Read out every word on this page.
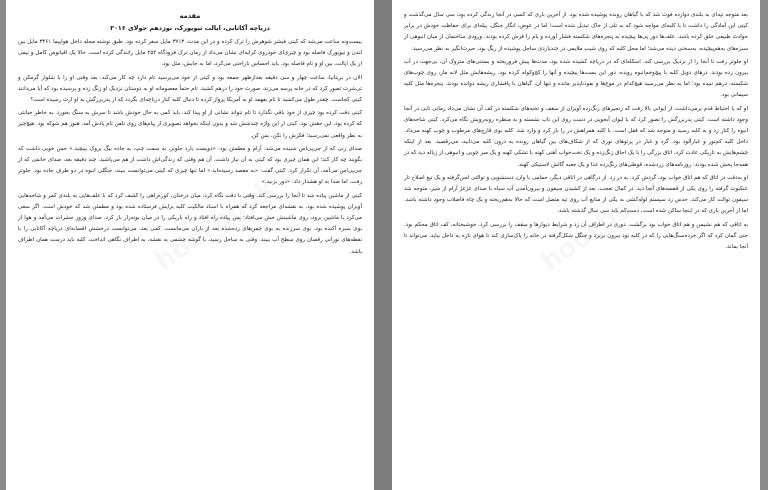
مقدمه
دریاچه آکاتابی، ایالت نیویورک، نوزدهم جولای ۲۰۱۶

بیست‌ونه ساعت می‌شد که کیتی فیشر شوهرش را ترک کرده و در این مدت، ۳۷۱۳ مایل سفر کرده بود. طبق نوشته مجله داخل هواپیما ۳۴۶۱ مایل بین لندن و نیویورک فاصله بود و چیزی‌ای خودروی کرایه‌ای نشان می‌داد از زمان ترک فرودگاه ۲۵۲ مایل رانندگی کرده است. حالا یک اقیانوس کامل و نیمی از یک ایالت، بین او و تام فاصله بود. باید احساس ناراحتی می‌کرد، اما به جایش، مثل بود.

الان در بریتانیا، ساعت چهار و سی دقیقه بعدازظهر جمعه بود و کیتی از خود می‌پرسید تام دارد چه کار می‌کند. بعد وقتی او را با شلوار گرمکن و تی‌شرت تصور کرد که در خانه پرسه می‌زند، صورت خود را درهم کشید. تام حتماً معصومانه او به دوستان نزدیک او زنگ زده و پرسیده بود که آیا می‌دانند کیتی کجاست. چقدر طول می‌کشید تا تام بفهمد او به آمریکا پرواز کرده تا دنبال کلبه کنار دریاچه‌ای بگردد که از پدربزرگش به او ارث رسیده است؟

کیتی دقت کرده بود چیزی از خود باقی نگذارد تا تام نتواند نشانی از او پیدا کند. باید کمی به حال خودش باشد تا سرش به سنگ بخورد. به خاطر خیانتی که کرده بود، این حقش بود. کیتی از این واژه چندشش شد و بدون اینکه بخواهد تصویری از پیام‌های روی تلفن تام پادش آمد. هنوز هم شوکه بود. هیچ‌چیز به نظر واقعی نمی‌رسید؛ فکرش را نکن، بس کن.

صدای زنی که از جی‌پی‌اس شنیده می‌شد، آرام و مطمئن بود: «دویست یارد جلوتر، به سمت چپ، به جاده بیگ بروک بپیچید.» حس خوبی داشت که بگویند چه کار کند؛ این همان چیزی بود که کیتی به آن نیاز داشت. آن هم وقتی که زندگی‌اش داشت از هم می‌پاشید. چند دقیقه بعد، صدای خانمی که از جی‌پی‌اس می‌آمد، آن تکرار کرد. کیتی گفت: «به مقصد رسیده‌اید.» اما تنها چیزی که کیتی می‌توانست ببیند، جنگلی انبوه در دو طرف جاده بود. جلوتر رفت، اما صدا به او هشدار داد: «دور بزنید.»

کیتی از ماشین پیاده شد تا آنجا را بررسی کند. وقتی با دقت نگاه کرد، میان درختان، کوره‌راهی را کشف کرد که با علف‌هایی به بلندی کمر و شاخه‌هایی آویزان پوشیده شده بود. به نقشه‌ای مراجعه کرد که همراه با اسناد مالکیت کلبه برایش فرستاده شده بود و مطمئن شد که خودش است. اگر سعی می‌کرد با ماشین برود، روی ماشینش خش می‌افتاد؛ پس پیاده راه افتاد و راه باریکی را در میان بوته‌زار باز کرد. صدای وزوز حشرات می‌آمد و هوا از بوی سبزه آکنده بود. بوی سرزنده به بوی چمن‌های زده‌شده بعد از باران می‌مانست. کمی بعد، می‌توانست درخشش افسانه‌ای دریاچه آکاتابی را با نقطه‌های نورانی رقصان روی سطح آب ببیند. وقتی به ساحل رسید، با گوشه چشمی به نقشه، به اطراف نگاهی انداخت. کلبه باید درست همان اطراف باشد.

بعد متوجه تپه‌ای به بلندی دوازده فوت شد که با گیاهان رونده پوشیده شده بود. از آخرین باری که کسی در آنجا زندگی کرده بود، سی سال می‌گذشت و کیتی این آمادگی را داشت تا با کلبه‌ای مواجه شود که به تلی از خاک تبدیل شده است؛ اما در عوض، انگار جنگل، پیله‌ای برای حفاظت خودش در برابر حوادث طبیعی خلق کرده باشد. علف‌ها دور پی‌ها پیچیده به پنجره‌های شکسته فشار آورده و بام را فرش کرده بودند. ورودی ساختمان از میان انبوهی از سبزه‌های به‌هم‌پیچیده، به‌سختی دیده می‌شد؛ اما محل کلبه که روی شیب ملایمی در چندیاردی ساحل پوشیده از ریگ بود، حیرت‌انگیز به نظر می‌رسید.

او جلوتر رفت تا آنجا را از نزدیک بررسی کند. اسکله‌ای که در دریاچه کشیده شده بود، مدت‌ها پیش فروریخته و بستنی‌های متروک آن، بی‌جهت در آب بیرون زده بودند. درهای دوبل کلبه با پیچ‌وخم‌انبوه رویده، دور این بست‌ها پیچیده و آنها را کج‌وکوله کرده بود. ریشه‌هایش مثل لانه مار، روی چوب‌های شکسته، درهم تنیده بود؛ اما به نظر می‌رسید هیچ‌کدام در موج‌ها و نفوذناپذیر مانده و تنها آن، گیاهان با پافشاری ریشه دوانده بودند. پنجره‌ها مثل کلبه سیمانی بود.

او که با احتیاط قدم برمی‌داشت، از ایوانی بالا رفت که زنجیرهای زنگ‌زده آویزان از سقف و تخته‌های شکسته در کف آن نشان می‌داد زمانی تابی در آنجا وجود داشته است. کیتی پدربزرگش را تصور کرد که با لیوان آبجویی در دست روی این تاب نشسته و به منظره روبه‌رویش نگاه می‌کرد. کیتی شاخه‌های انبوه را کنار زد و به کلبه رسید و متوجه شد که قفل است. با کلید همراهش در را باز کرد و وارد شد. کلبه بوی قارچ‌های مرطوب و چوب کهنه می‌داد. داخل کلبه کم‌نور و غبارآلود بود. گرد و غبار در پرتوهای نوری که از شکاف‌های بین گیاهان رونده به درون کلبه می‌تابید، می‌رقصید. بعد از اینکه چشم‌هایش به تاریکی عادت کرد، اتاق بزرگی را با یک اجاق زنگ‌زده و یک تخت‌خواب آهنی کهنه با تشکی کهنه و یک میز چوبی و انبوهی از زباله دید که در همه‌جا پخش شده بودند: روزنامه‌های زرد‌شده، قوطی‌های زنگ‌زده غذا و یک جعبه گالش لاستیکی کهنه.

او به‌دقت در اتاق که هم اتاق خواب بود، گردش کرد. به در زد. از درگاهی در اتاقی دیگر، حمامی با وان، دستشویی و توالتی لجن‌گرفته و یک تیغ اصلاح تار عنکبوت گرفته را روی یکی از قفسه‌های آنجا دید. در کمال تعجب، بعد از کشیدن سیفون و بیرون‌آمدن آب سیاه با صدای غژغژ آرام از شیر، متوجه شد سیفون توالت کار می‌کند. حدس زد سیستم لوله‌کشی به یکی از منابع آب روی تپه متصل است که حالا به‌هم‌ریخته و یک چاه فاضلاب وجود داشته باشد. اما از آخرین باری که در اینجا ساکن شده است، دست‌کم باید سی سال گذشته باشد.

به اتاقی که هم نشیمن و هم اتاق خواب بود برگشت. دوری در اطراف آن زد و شرایط دیوارها و سقف را بررسی کرد. خوشبختانه، کف اتاق محکم بود. حتی گمان کرد که اگر خرده‌سنگ‌هایی را که در کلبه بود بیرون بریزد و جنگل شکل‌گرفته در خانه را پاک‌سازی کند تا هوای تازه به داخل بیاید، می‌تواند تا آنجا بماند.
